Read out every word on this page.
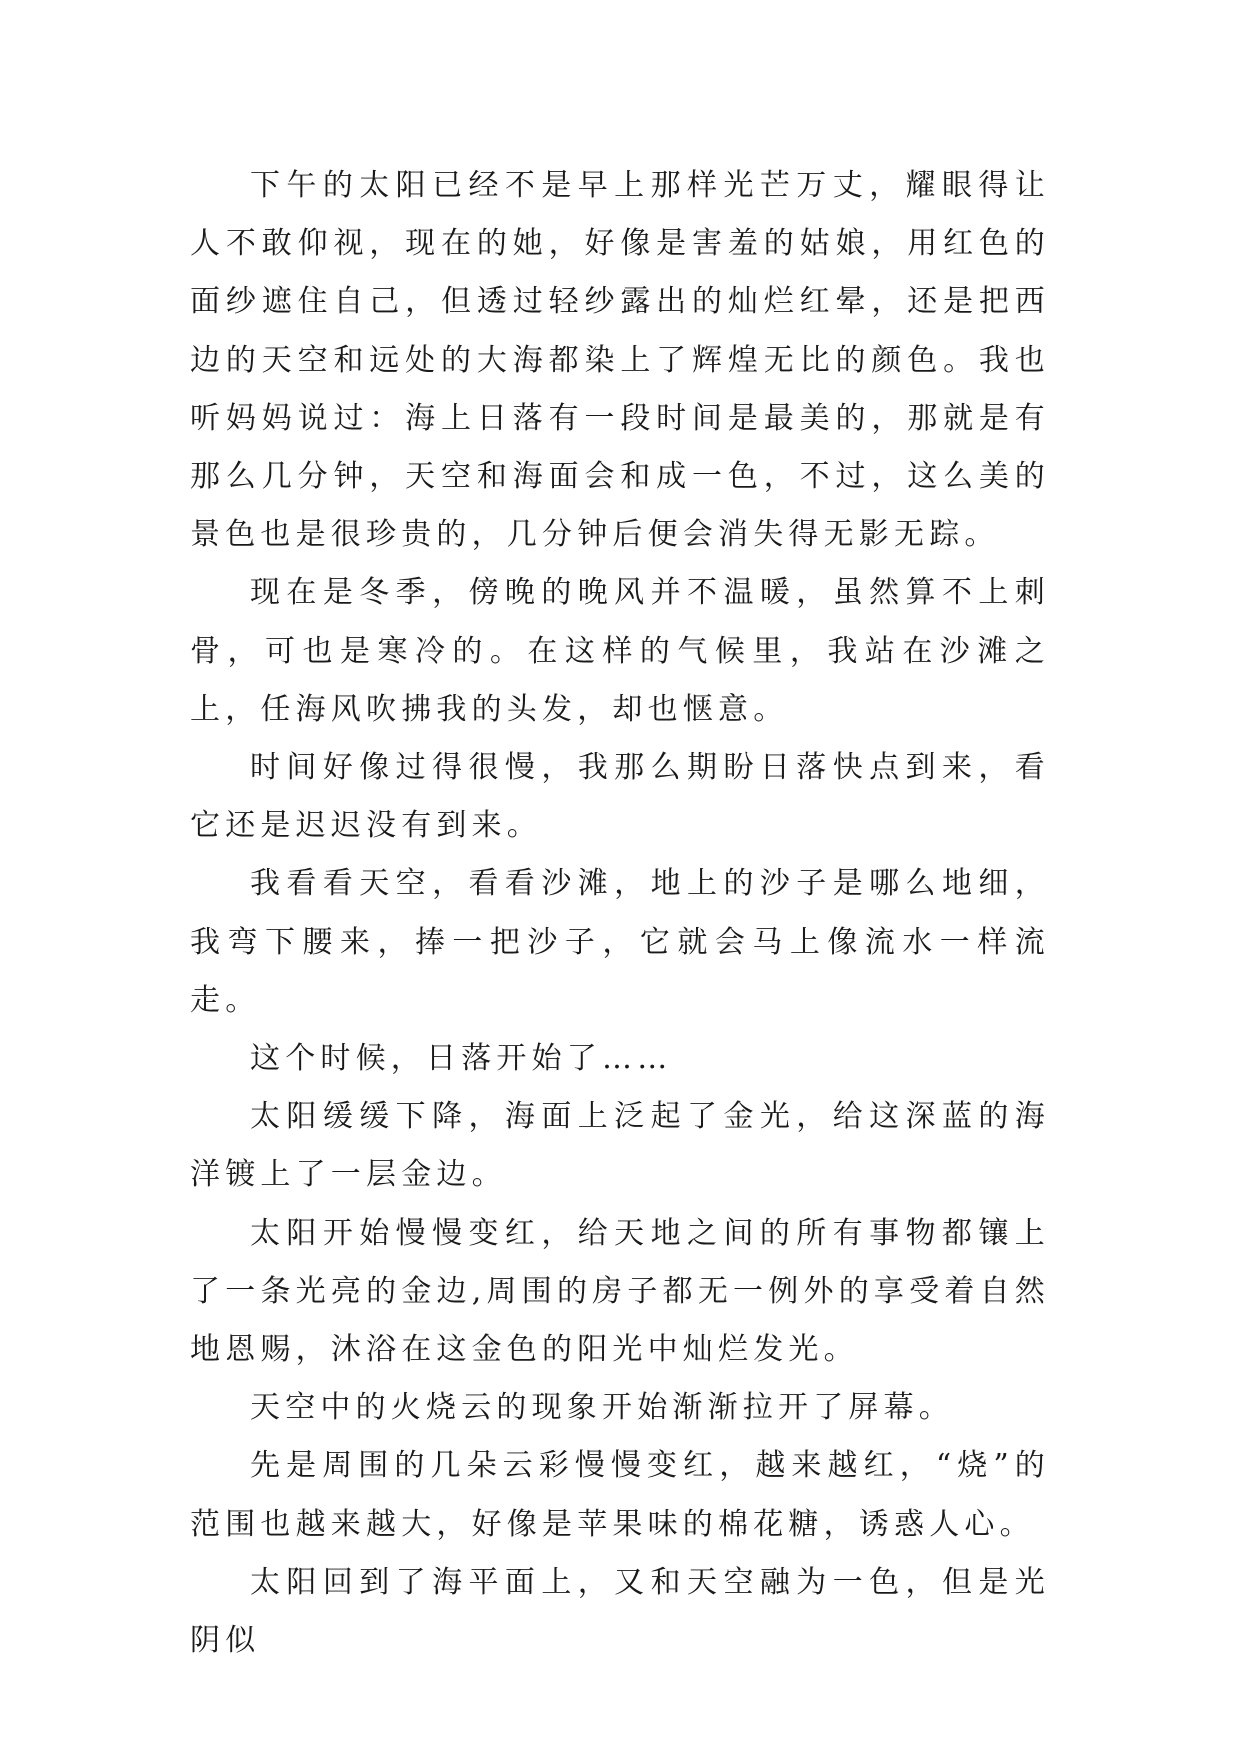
下午的太阳已经不是早上那样光芒万丈，耀眼得让人不敢仰视，现在的她，好像是害羞的姑娘，用红色的面纱遮住自己，但透过轻纱露出的灿烂红晕，还是把西边的天空和远处的大海都染上了辉煌无比的颜色。我也听妈妈说过：海上日落有一段时间是最美的，那就是有那么几分钟，天空和海面会和成一色，不过，这么美的景色也是很珍贵的，几分钟后便会消失得无影无踪。

现在是冬季，傍晚的晚风并不温暖，虽然算不上刺骨，可也是寒冷的。在这样的气候里，我站在沙滩之上，任海风吹拂我的头发，却也惬意。

时间好像过得很慢，我那么期盼日落快点到来，看它还是迟迟没有到来。

我看看天空，看看沙滩，地上的沙子是哪么地细，我弯下腰来，捧一把沙子，它就会马上像流水一样流走。

这个时候，日落开始了……

太阳缓缓下降，海面上泛起了金光，给这深蓝的海洋镀上了一层金边。

太阳开始慢慢变红，给天地之间的所有事物都镶上了一条光亮的金边,周围的房子都无一例外的享受着自然地恩赐，沐浴在这金色的阳光中灿烂发光。

天空中的火烧云的现象开始渐渐拉开了屏幕。

先是周围的几朵云彩慢慢变红，越来越红，“烧”的范围也越来越大，好像是苹果味的棉花糖，诱惑人心。

太阳回到了海平面上，又和天空融为一色，但是光阴似
